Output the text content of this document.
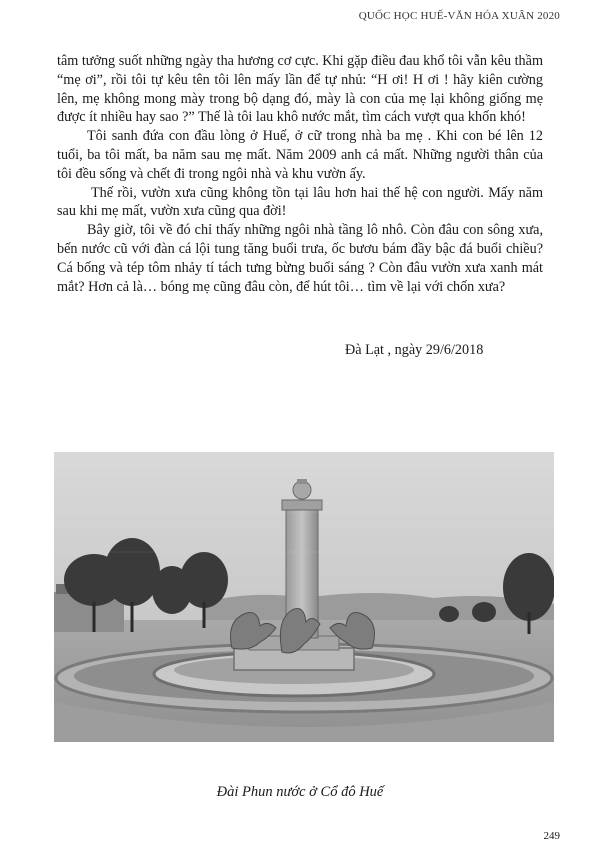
QUỐC HỌC HUẾ-VĂN HÓA XUÂN 2020

tâm tưởng suốt những ngày tha hương cơ cực. Khi gặp điều đau khổ tôi vẫn kêu thầm “mẹ ơi”, rồi tôi tự kêu tên tôi lên mấy lần để tự nhủ: “H ơi! H ơi ! hãy kiên cường lên, mẹ không mong mày trong bộ dạng đó, mày là con của mẹ lại không giống mẹ được ít nhiều hay sao ?” Thế là tôi lau khô nước mắt, tìm cách vượt qua khốn khó!

Tôi sanh đứa con đầu lòng ở Huế, ở cữ trong nhà ba mẹ . Khi con bé lên 12 tuổi, ba tôi mất, ba năm sau mẹ mất. Năm 2009 anh cả mất. Những người thân của tôi đều sống và chết đi trong ngôi nhà và khu vườn ấy.

Thế rồi, vườn xưa cũng không tồn tại lâu hơn hai thế hệ con người. Mấy năm sau khi mẹ mất, vườn xưa cũng qua đời!

Bây giờ, tôi về đó chỉ thấy những ngôi nhà tầng lô nhô. Còn đâu con sông xưa, bến nước cũ với đàn cá lội tung tăng buổi trưa, ốc bươu bám đầy bậc đá buổi chiều? Cá bống và tép tôm nhảy tí tách tưng bừng buổi sáng ? Còn đâu vườn xưa xanh mát mắt? Hơn cả là… bóng mẹ cũng đâu còn, để hút tôi… tìm về lại với chốn xưa?

Đà Lạt , ngày 29/6/2018
Đài Phun nước ở Cổ đô Huế
249
